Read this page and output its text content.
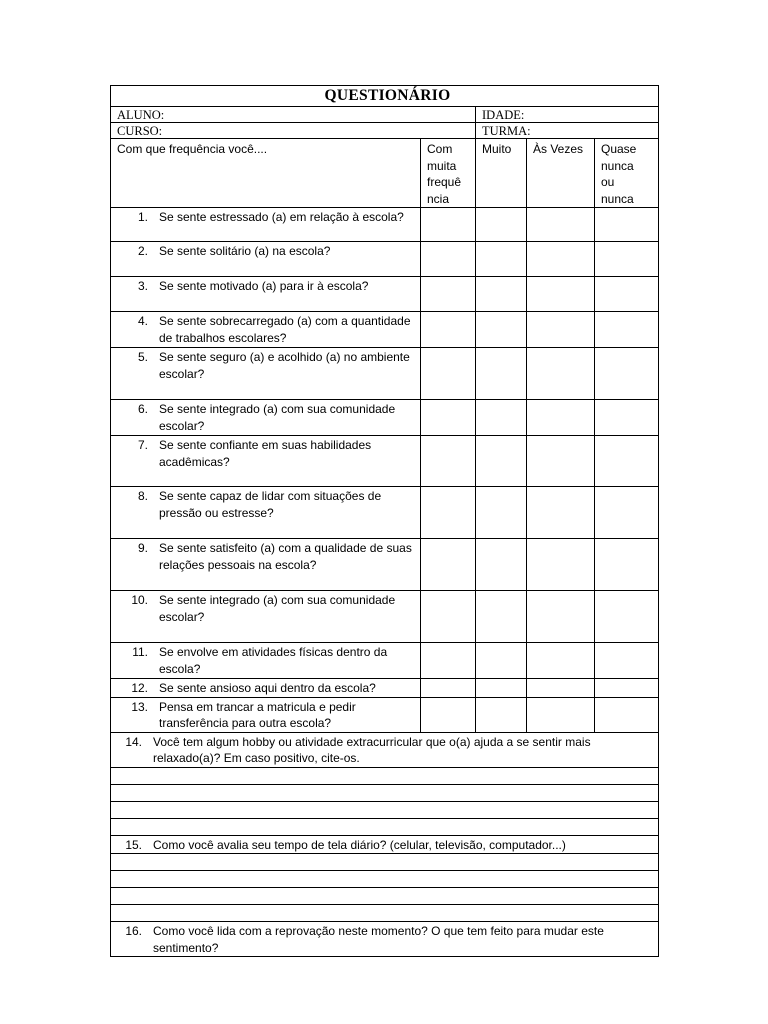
QUESTIONÁRIO	
ALUNO:	IDADE:
CURSO:	TURMA:
Com que frequência você....	Com muita frequê ncia	Muito	Às Vezes	Quase nunca ou nunca

1. Se sente estressado (a) em relação à escola?				

2. Se sente solitário (a) na escola?				

3. Se sente motivado (a) para ir à escola?				

4. Se sente sobrecarregado (a) com a quantidade de trabalhos escolares?				

5. Se sente seguro (a) e acolhido (a) no ambiente escolar?				

6. Se sente integrado (a) com sua comunidade escolar?				

7. Se sente confiante em suas habilidades acadêmicas?				

8. Se sente capaz de lidar com situações de pressão ou estresse?				

9. Se sente satisfeito (a) com a qualidade de suas relações pessoais na escola?				

10. Se sente integrado (a) com sua comunidade escolar?				

11. Se envolve em atividades físicas dentro da escola?				

12. Se sente ansioso aqui dentro da escola?				

13. Pensa em trancar a matricula e pedir transferência para outra escola?				

14. Você tem algum hobby ou atividade extracurricular que o(a) ajuda a se sentir mais relaxado(a)? Em caso positivo, cite-os.

15. Como você avalia seu tempo de tela diário? (celular, televisão, computador...)

16. Como você lida com a reprovação neste momento? O que tem feito para mudar este sentimento?
